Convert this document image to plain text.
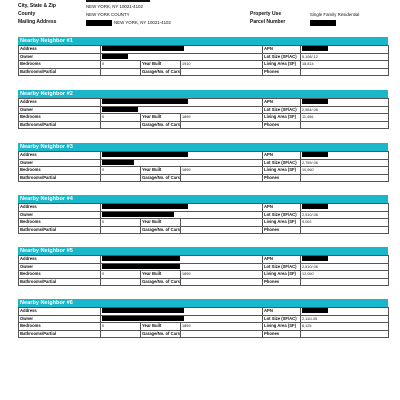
City, State & Zip	NEW YORK, NY 10021-4102
County	NEW YORK COUNTY	Property Use	Single Family Residential
Mailing Address	NEW YORK, NY 10021-4102	Parcel Number
Nearby Neighbor #1
Address				APN	
Owner				Lot Size (SF/AC)	5,108/.12
Bedrooms	0	Year Built	1910	Living Area (SF)	18,814
Bathrooms/Partial		Garage/No. of Cars		Phones	
Nearby Neighbor #2
Address				APN	
Owner				Lot Size (SF/AC)	2,554/.06
Bedrooms	0	Year Built	1899	Living Area (SF)	11,496
Bathrooms/Partial		Garage/No. of Cars		Phones	
Nearby Neighbor #3
Address				APN	
Owner				Lot Size (SF/AC)	2,759/.06
Bedrooms	0	Year Built	1899	Living Area (SF)	10,960
Bathrooms/Partial		Garage/No. of Cars		Phones	
Nearby Neighbor #4
Address				APN	
Owner				Lot Size (SF/AC)	2,510/.06
Bedrooms	0	Year Built		Living Area (SF)	9,002
Bathrooms/Partial		Garage/No. of Cars		Phones	
Nearby Neighbor #5
Address				APN	
Owner				Lot Size (SF/AC)	2,510/.06
Bedrooms	0	Year Built	1899	Living Area (SF)	12,060
Bathrooms/Partial		Garage/No. of Cars		Phones	
Nearby Neighbor #6
Address				APN	
Owner				Lot Size (SF/AC)	2,111/.05
Bedrooms	0	Year Built	1899	Living Area (SF)	8,125
Bathrooms/Partial		Garage/No. of Cars		Phones	
